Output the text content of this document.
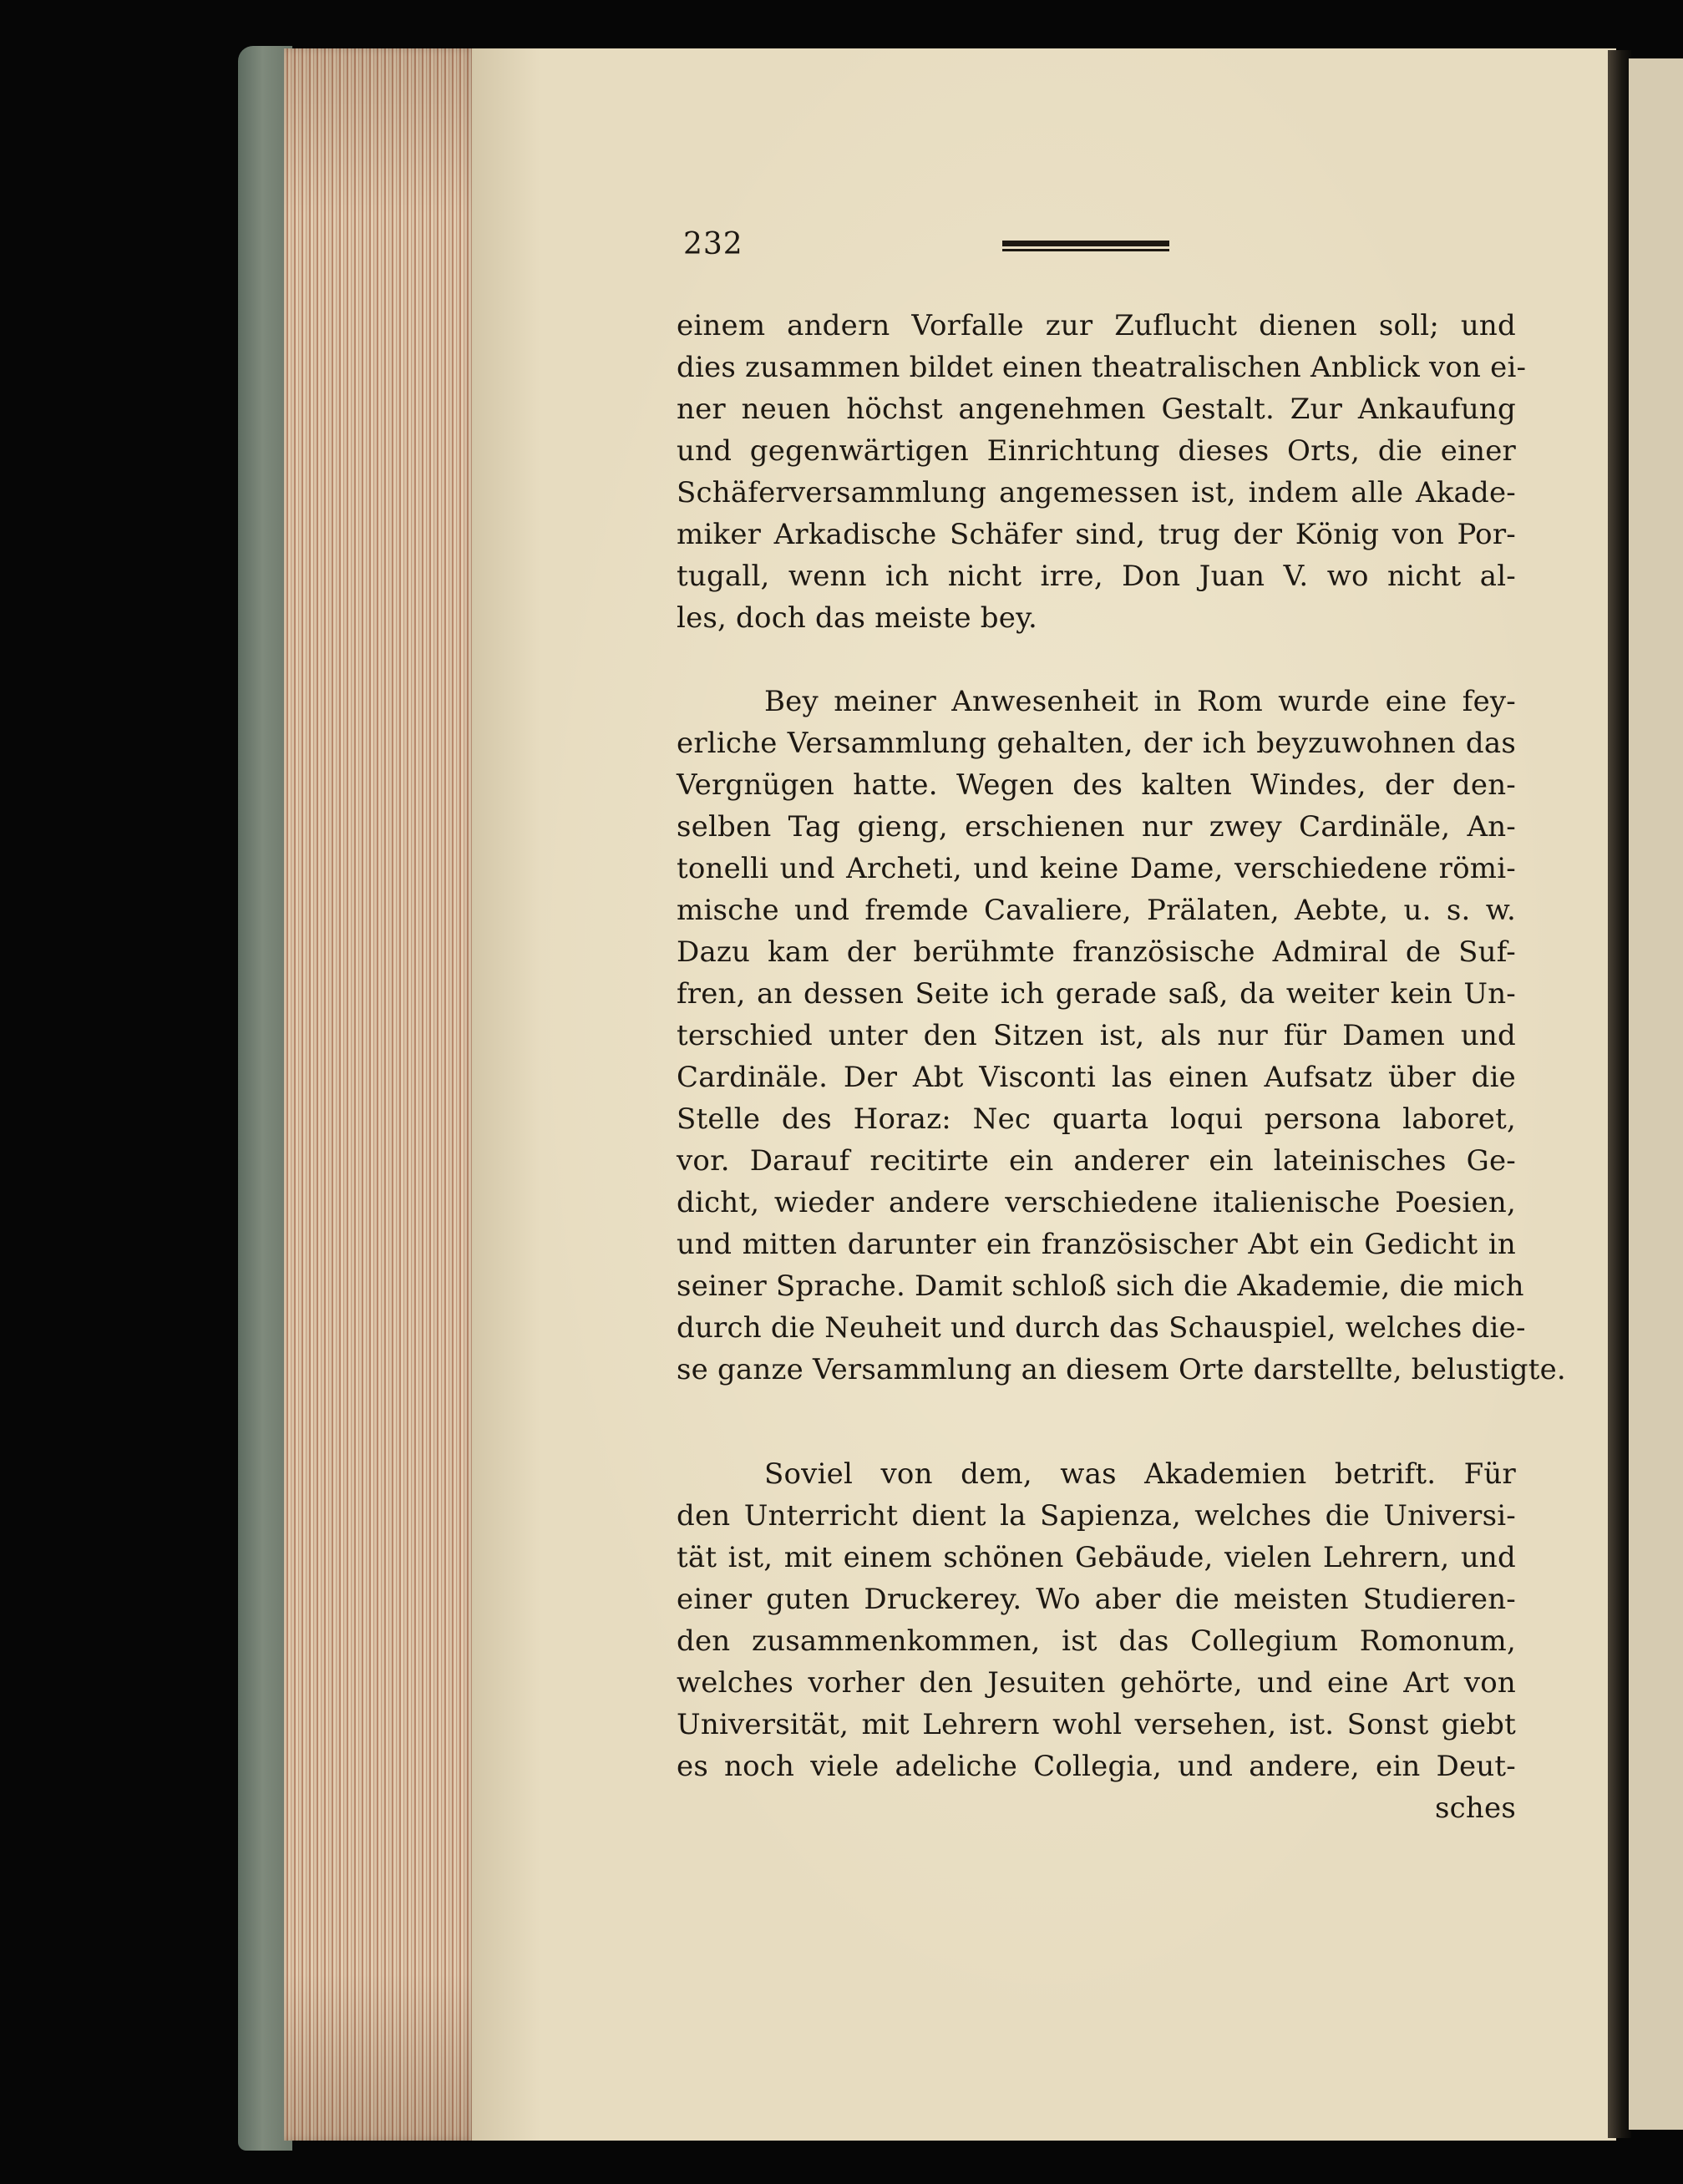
232
einem andern Vorfalle zur Zuflucht dienen soll; und
dies zusammen bildet einen theatralischen Anblick von ei-
ner neuen höchst angenehmen Gestalt. Zur Ankaufung
und gegenwärtigen Einrichtung dieses Orts, die einer
Schäferversammlung angemessen ist, indem alle Akade-
miker Arkadische Schäfer sind, trug der König von Por-
tugall, wenn ich nicht irre, Don Juan V. wo nicht al-
les, doch das meiste bey.
Bey meiner Anwesenheit in Rom wurde eine fey-
erliche Versammlung gehalten, der ich beyzuwohnen das
Vergnügen hatte. Wegen des kalten Windes, der den-
selben Tag gieng, erschienen nur zwey Cardinäle, An-
tonelli und Archeti, und keine Dame, verschiedene römi-
mische und fremde Cavaliere, Prälaten, Aebte, u. s. w.
Dazu kam der berühmte französische Admiral de Suf-
fren, an dessen Seite ich gerade saß, da weiter kein Un-
terschied unter den Sitzen ist, als nur für Damen und
Cardinäle. Der Abt Visconti las einen Aufsatz über die
Stelle des Horaz: Nec quarta loqui persona laboret,
vor. Darauf recitirte ein anderer ein lateinisches Ge-
dicht, wieder andere verschiedene italienische Poesien,
und mitten darunter ein französischer Abt ein Gedicht in
seiner Sprache. Damit schloß sich die Akademie, die mich
durch die Neuheit und durch das Schauspiel, welches die-
se ganze Versammlung an diesem Orte darstellte, belustigte.
Soviel von dem, was Akademien betrift. Für
den Unterricht dient la Sapienza, welches die Universi-
tät ist, mit einem schönen Gebäude, vielen Lehrern, und
einer guten Druckerey. Wo aber die meisten Studieren-
den zusammenkommen, ist das Collegium Romonum,
welches vorher den Jesuiten gehörte, und eine Art von
Universität, mit Lehrern wohl versehen, ist. Sonst giebt
es noch viele adeliche Collegia, und andere, ein Deut-
sches
